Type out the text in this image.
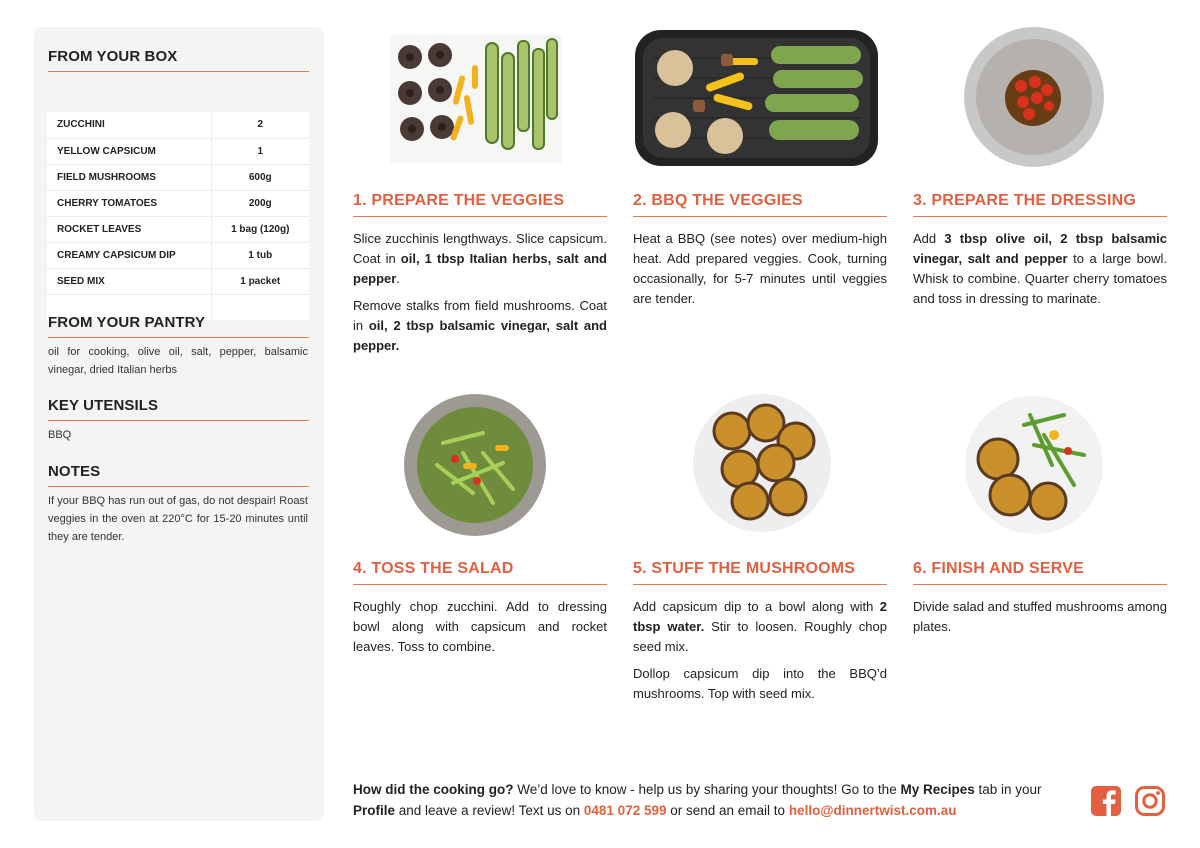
FROM YOUR BOX
ZUCCHINI	2
YELLOW CAPSICUM	1
FIELD MUSHROOMS	600g
CHERRY TOMATOES	200g
ROCKET LEAVES	1 bag (120g)
CREAMY CAPSICUM DIP	1 tub
SEED MIX	1 packet

FROM YOUR PANTRY
oil for cooking, olive oil, salt, pepper, balsamic vinegar, dried Italian herbs
KEY UTENSILS
BBQ
NOTES
If your BBQ has run out of gas, do not despair! Roast veggies in the oven at 220°C for 15-20 minutes until they are tender.
1. PREPARE THE VEGGIES

Slice zucchinis lengthways. Slice capsicum. Coat in oil, 1 tbsp Italian herbs, salt and pepper.

Remove stalks from field mushrooms. Coat in oil, 2 tbsp balsamic vinegar, salt and pepper.

2. BBQ THE VEGGIES

Heat a BBQ (see notes) over medium-high heat. Add prepared veggies. Cook, turning occasionally, for 5-7 minutes until veggies are tender.

3. PREPARE THE DRESSING

Add 3 tbsp olive oil, 2 tbsp balsamic vinegar, salt and pepper to a large bowl. Whisk to combine. Quarter cherry tomatoes and toss in dressing to marinate.

4. TOSS THE SALAD

Roughly chop zucchini. Add to dressing bowl along with capsicum and rocket leaves. Toss to combine.

5. STUFF THE MUSHROOMS

Add capsicum dip to a bowl along with 2 tbsp water. Stir to loosen. Roughly chop seed mix.

Dollop capsicum dip into the BBQ’d mushrooms. Top with seed mix.

6. FINISH AND SERVE

Divide salad and stuffed mushrooms among plates.

How did the cooking go? We’d love to know - help us by sharing your thoughts! Go to the My Recipes tab in your Profile and leave a review! Text us on 0481 072 599 or send an email to hello@dinnertwist.com.au
